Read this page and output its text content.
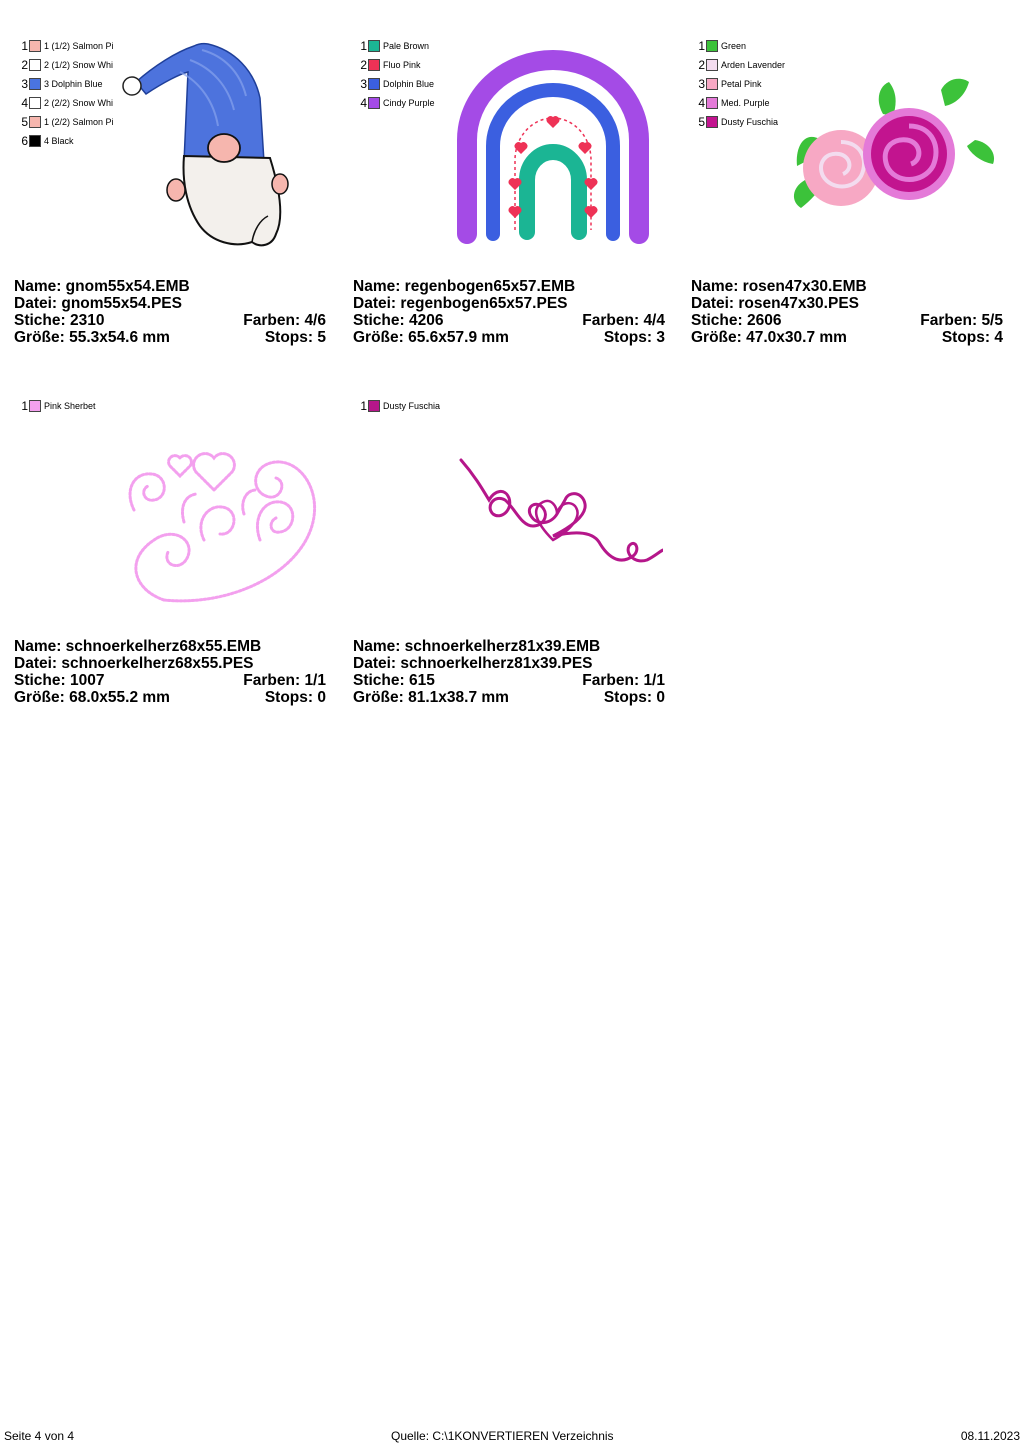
1 1 (1/2) Salmon Pi
2 2 (1/2) Snow Whi
3 3 Dolphin Blue
4 2 (2/2) Snow Whi
5 1 (2/2) Salmon Pi
6 4 Black
Name: gnom55x54.EMB
Datei: gnom55x54.PES
Stiche: 2310	Farben: 4/6
Größe: 55.3x54.6 mm	Stops: 5
1 Pale Brown
2 Fluo Pink
3 Dolphin Blue
4 Cindy Purple
Name: regenbogen65x57.EMB
Datei: regenbogen65x57.PES
Stiche: 4206	Farben: 4/4
Größe: 65.6x57.9 mm	Stops: 3
1 Green
2 Arden Lavender
3 Petal Pink
4 Med. Purple
5 Dusty Fuschia
Name: rosen47x30.EMB
Datei: rosen47x30.PES
Stiche: 2606	Farben: 5/5
Größe: 47.0x30.7 mm	Stops: 4
1 Pink Sherbet
Name: schnoerkelherz68x55.EMB
Datei: schnoerkelherz68x55.PES
Stiche: 1007	Farben: 1/1
Größe: 68.0x55.2 mm	Stops: 0
1 Dusty Fuschia
Name: schnoerkelherz81x39.EMB
Datei: schnoerkelherz81x39.PES
Stiche: 615	Farben: 1/1
Größe: 81.1x38.7 mm	Stops: 0
Seite 4 von 4	Quelle: C:\1KONVERTIEREN Verzeichnis	08.11.2023
